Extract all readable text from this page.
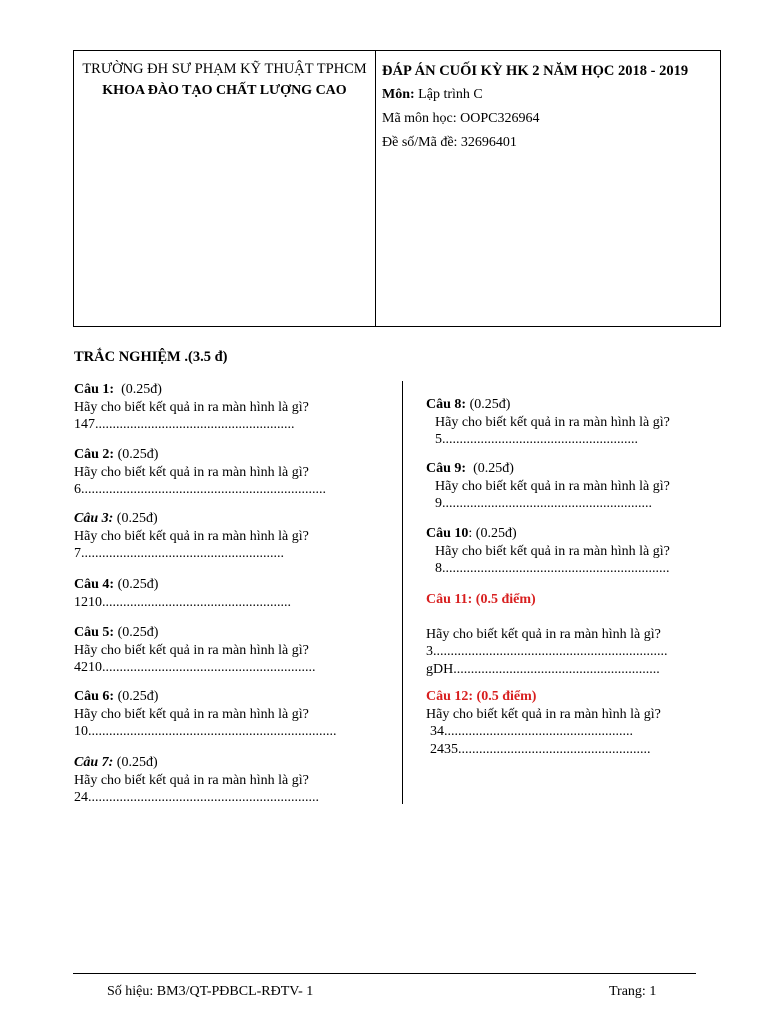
TRƯỜNG ĐH SƯ PHẠM KỸ THUẬT TPHCM
KHOA ĐÀO TẠO CHẤT LƯỢNG CAO
ĐÁP ÁN CUỐI KỲ HK 2 NĂM HỌC 2018 - 2019
Môn: Lập trình C
Mã môn học: OOPC326964
Đề số/Mã đề: 32696401
TRẮC NGHIỆM .(3.5 đ)
Câu 1:  (0.25đ)
Hãy cho biết kết quả in ra màn hình là gì?
147.........................................................
Câu 2: (0.25đ)
Hãy cho biết kết quả in ra màn hình là gì?
6......................................................................
Câu 3: (0.25đ)
Hãy cho biết kết quả in ra màn hình là gì?
7..........................................................
Câu 4: (0.25đ)
1210......................................................
Câu 5: (0.25đ)
Hãy cho biết kết quả in ra màn hình là gì?
4210.............................................................
Câu 6: (0.25đ)
Hãy cho biết kết quả in ra màn hình là gì?
10.......................................................................
Câu 7: (0.25đ)
Hãy cho biết kết quả in ra màn hình là gì?
24..................................................................
Câu 8: (0.25đ)
Hãy cho biết kết quả in ra màn hình là gì?
5........................................................
Câu 9:  (0.25đ)
Hãy cho biết kết quả in ra màn hình là gì?
9............................................................
Câu 10: (0.25đ)
Hãy cho biết kết quả in ra màn hình là gì?
8.................................................................
Câu 11: (0.5 điểm)
Hãy cho biết kết quả in ra màn hình là gì?
3...................................................................
gDH...........................................................
Câu 12: (0.5 điểm)
Hãy cho biết kết quả in ra màn hình là gì?
34......................................................
2435.......................................................
Số hiệu: BM3/QT-PĐBCL-RĐTV- 1	Trang: 1
